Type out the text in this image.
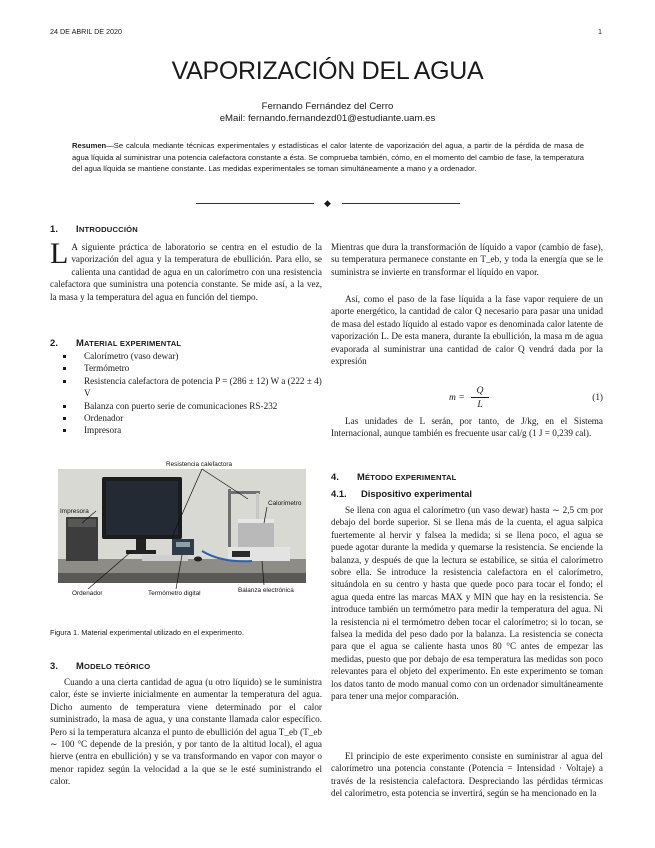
24 DE ABRIL DE 2020	1
VAPORIZACIÓN DEL AGUA
Fernando Fernández del Cerro
eMail: fernando.fernandezd01@estudiante.uam.es
Resumen—Se calcula mediante técnicas experimentales y estadísticas el calor latente de vaporización del agua, a partir de la pérdida de masa de agua líquida al suministrar una potencia calefactora constante a ésta. Se comprueba también, cómo, en el momento del cambio de fase, la temperatura del agua líquida se mantiene constante. Las medidas experimentales se toman simultáneamente a mano y a ordenador.
◆
1. INTRODUCCIÓN
L A siguiente práctica de laboratorio se centra en el estudio de la vaporización del agua y la temperatura de ebullición. Para ello, se calienta una cantidad de agua en un calorímetro con una resistencia calefactora que suministra una potencia constante. Se mide así, a la vez, la masa y la temperatura del agua en función del tiempo.
2. MATERIAL EXPERIMENTAL
Calorímetro (vaso dewar)
Termómetro
Resistencia calefactora de potencia P = (286 ± 12) W a (222 ± 4) V
Balanza con puerto serie de comunicaciones RS-232
Ordenador
Impresora
Resistencia calefactora
Impresora
Calorímetro
Ordenador	Termómetro digital	Balanza electrónica
Figura 1. Material experimental utilizado en el experimento.
3. MODELO TEÓRICO
Cuando a una cierta cantidad de agua (u otro líquido) se le suministra calor, éste se invierte inicialmente en aumentar la temperatura del agua. Dicho aumento de temperatura viene determinado por el calor suministrado, la masa de agua, y una constante llamada calor específico. Pero si la temperatura alcanza el punto de ebullición del agua T_eb (T_eb ∼ 100 °C depende de la presión, y por tanto de la altitud local), el agua hierve (entra en ebullición) y se va transformando en vapor con mayor o menor rapidez según la velocidad a la que se le esté suministrando el calor.
Mientras que dura la transformación de líquido a vapor (cambio de fase), su temperatura permanece constante en T_eb, y toda la energía que se le suministra se invierte en transformar el líquido en vapor.
Así, como el paso de la fase líquida a la fase vapor requiere de un aporte energético, la cantidad de calor Q necesario para pasar una unidad de masa del estado líquido al estado vapor es denominada calor latente de vaporización L. De esta manera, durante la ebullición, la masa m de agua evaporada al suministrar una cantidad de calor Q vendrá dada por la expresión
m =
Q
L
(1)
Las unidades de L serán, por tanto, de J/kg, en el Sistema Internacional, aunque también es frecuente usar cal/g (1 J = 0,239 cal).
4. MÉTODO EXPERIMENTAL
4.1. Dispositivo experimental
Se llena con agua el calorímetro (un vaso dewar) hasta ∼ 2,5 cm por debajo del borde superior. Si se llena más de la cuenta, el agua salpica fuertemente al hervir y falsea la medida; si se llena poco, el agua se puede agotar durante la medida y quemarse la resistencia. Se enciende la balanza, y después de que la lectura se estabilice, se sitúa el calorímetro sobre ella. Se introduce la resistencia calefactora en el calorímetro, situándola en su centro y hasta que quede poco para tocar el fondo; el agua queda entre las marcas MAX y MIN que hay en la resistencia. Se introduce también un termómetro para medir la temperatura del agua. Ni la resistencia ni el termómetro deben tocar el calorímetro; si lo tocan, se falsea la medida del peso dado por la balanza. La resistencia se conecta para que el agua se caliente hasta unos 80 °C antes de empezar las medidas, puesto que por debajo de esa temperatura las medidas son poco relevantes para el objeto del experimento. En este experimento se toman los datos tanto de modo manual como con un ordenador simultáneamente para tener una mejor comparación.
El principio de este experimento consiste en suministrar al agua del calorímetro una potencia constante (Potencia = Intensidad · Voltaje) a través de la resistencia calefactora. Despreciando las pérdidas térmicas del calorímetro, esta potencia se invertirá, según se ha mencionado en la
